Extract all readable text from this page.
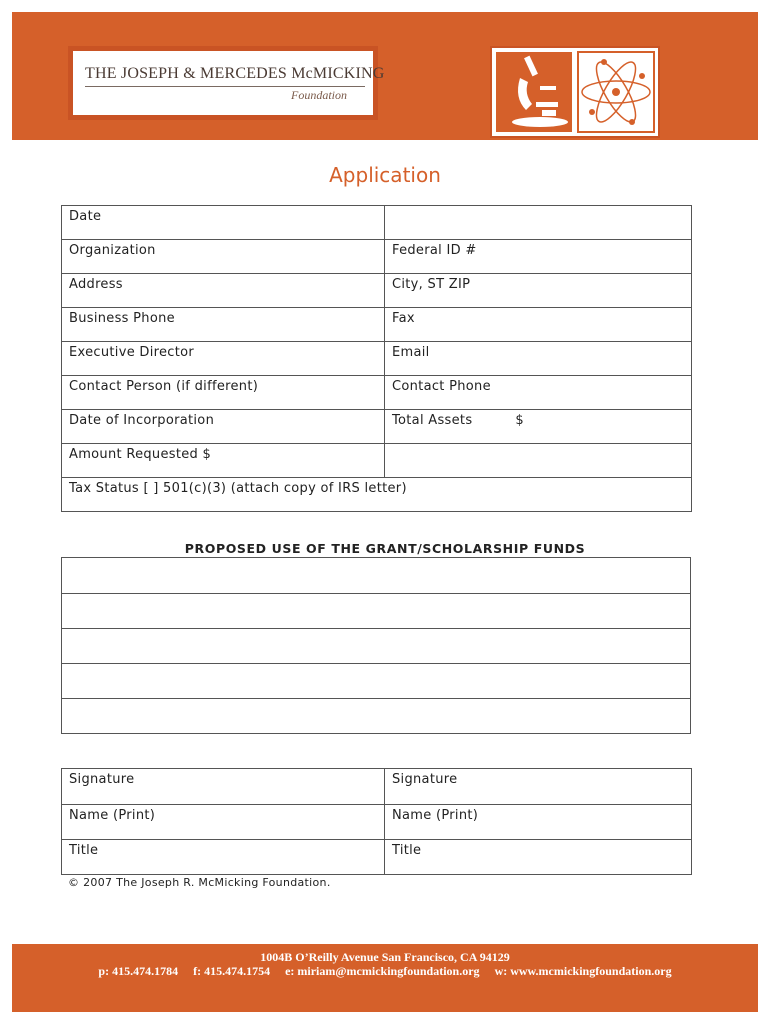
THE JOSEPH & MERCEDES McMICKING
Foundation
Application
Date	

Organization	Federal ID #

Address	City, ST ZIP

Business Phone	Fax

Executive Director	Email

Contact Person (if different)	Contact Phone

Date of Incorporation	Total Assets $

Amount Requested $	

Tax Status [ ] 501(c)(3) (attach copy of IRS letter)	
PROPOSED USE OF THE GRANT/SCHOLARSHIP FUNDS

Signature	Signature

Name (Print)	Name (Print)

Title	Title
© 2007 The Joseph R. McMicking Foundation.
1004B O’Reilly Avenue San Francisco, CA 94129
p: 415.474.1784 f: 415.474.1754 e: miriam@mcmickingfoundation.org w: www.mcmickingfoundation.org
